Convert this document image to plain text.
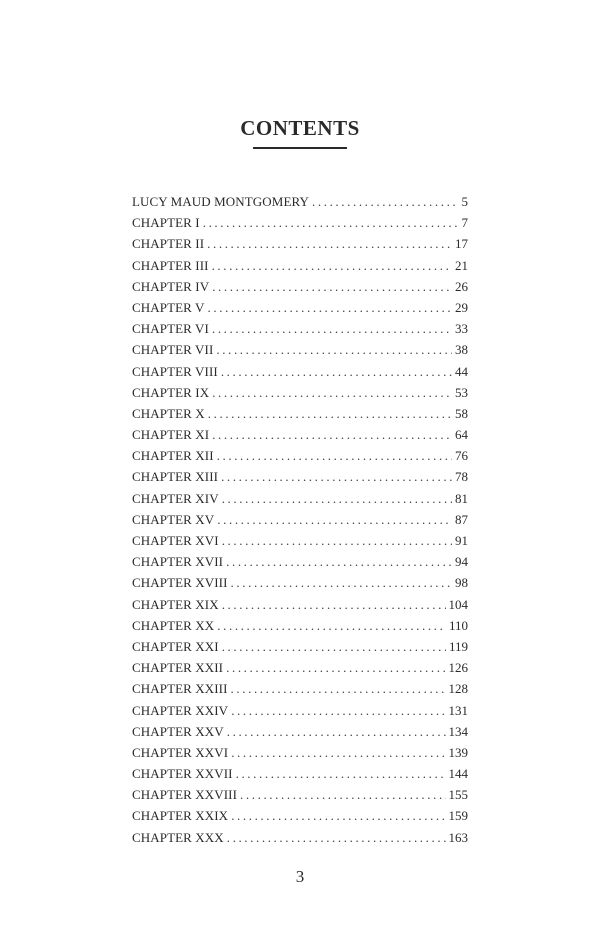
CONTENTS
LUCY MAUD MONTGOMERY .....	5
CHAPTER I .....	7
CHAPTER II .....	17
CHAPTER III .....	21
CHAPTER IV .....	26
CHAPTER V .....	29
CHAPTER VI .....	33
CHAPTER VII .....	38
CHAPTER VIII .....	44
CHAPTER IX .....	53
CHAPTER X .....	58
CHAPTER XI .....	64
CHAPTER XII .....	76
CHAPTER XIII .....	78
CHAPTER XIV .....	81
CHAPTER XV .....	87
CHAPTER XVI .....	91
CHAPTER XVII .....	94
CHAPTER XVIII .....	98
CHAPTER XIX .....	104
CHAPTER XX .....	110
CHAPTER XXI .....	119
CHAPTER XXII .....	126
CHAPTER XXIII .....	128
CHAPTER XXIV .....	131
CHAPTER XXV .....	134
CHAPTER XXVI .....	139
CHAPTER XXVII .....	144
CHAPTER XXVIII .....	155
CHAPTER XXIX .....	159
CHAPTER XXX .....	163
3
